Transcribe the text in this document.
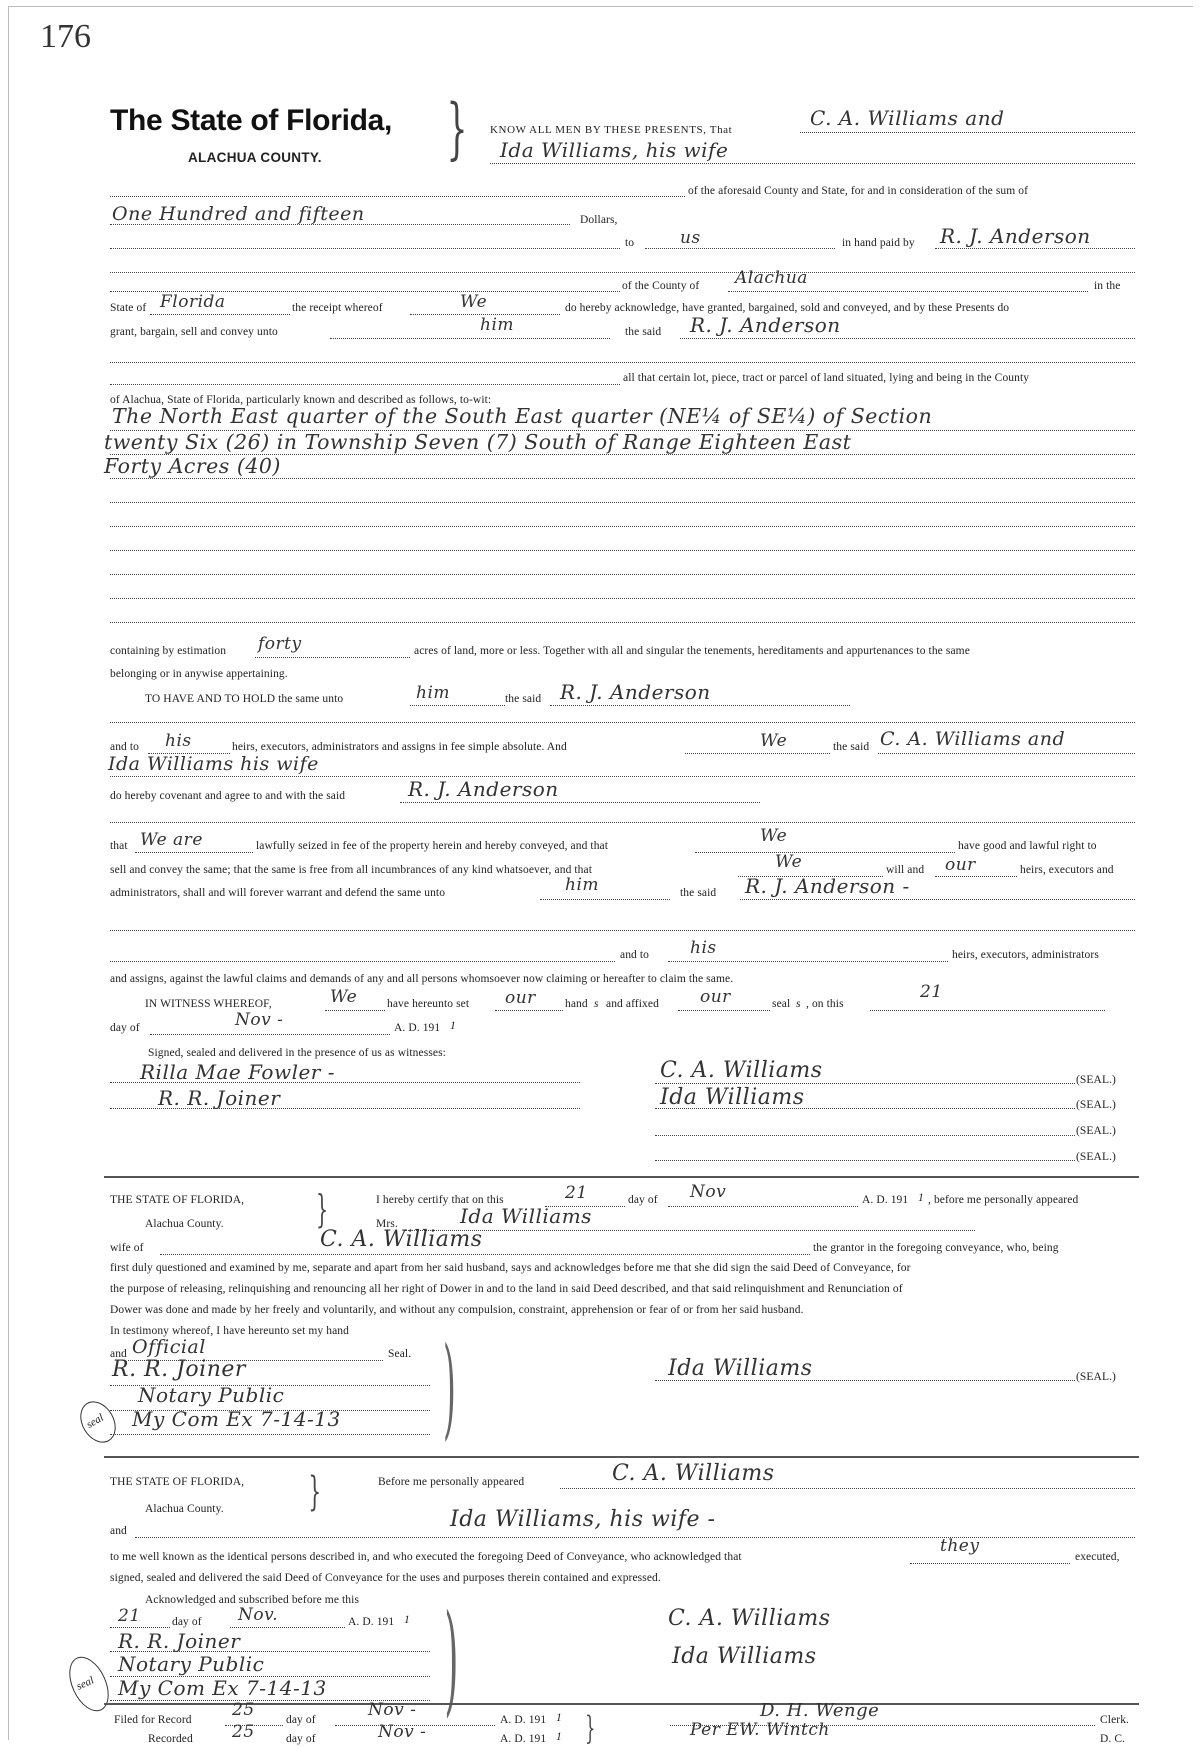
176
The State of Florida,
ALACHUA COUNTY. } KNOW ALL MEN BY THESE PRESENTS, That	C. A. Williams and
Ida Williams, his wife
of the aforesaid County and State, for and in consideration of the sum of
One Hundred and fifteen	Dollars,
to	us	in hand paid by R. J. Anderson
of the County of Alachua	in the
State of Florida	the receipt whereof	We	do hereby acknowledge, have granted, bargained, sold and conveyed, and by these Presents do
grant, bargain, sell and convey unto	him	the said R. J. Anderson
all that certain lot, piece, tract or parcel of land situated, lying and being in the County
of Alachua, State of Florida, particularly known and described as follows, to-wit:
The North East quarter of the South East quarter (NE¼ of SE¼) of Section
twenty Six (26) in Township Seven (7) South of Range Eighteen East
Forty Acres (40)
containing by estimation forty	acres of land, more or less. Together with all and singular the tenements, hereditaments and appurtenances to the same
belonging or in anywise appertaining.
TO HAVE AND TO HOLD the same unto	him	the said R. J. Anderson
and to his	heirs, executors, administrators and assigns in fee simple absolute. And	We	the said C. A. Williams and
Ida Williams his wife
do hereby covenant and agree to and with the said	R. J. Anderson
that We are	lawfully seized in fee of the property herein and hereby conveyed, and that	We	have good and lawful right to
sell and convey the same; that the same is free from all incumbrances of any kind whatsoever, and that	We	will and our	heirs, executors and
administrators, shall and will forever warrant and defend the same unto	him	the said R. J. Anderson -
and to his	heirs, executors, administrators
and assigns, against the lawful claims and demands of any and all persons whomsoever now claiming or hereafter to claim the same.
IN WITNESS WHEREOF,	We	have hereunto set our	hand s and affixed our	seal s , on this
21
day of	Nov -	A. D. 191 1
Signed, sealed and delivered in the presence of us as witnesses:
Rilla Mae Fowler -
R. R. Joiner
C. A. Williams	(SEAL.)
Ida Williams	(SEAL.)
(SEAL.)
(SEAL.)
THE STATE OF FLORIDA,
Alachua County. }	I hereby certify that on this	21	day of Nov	A. D. 191 1 , before me personally appeared
Mrs.	Ida Williams
wife of	C. A. Williams	the grantor in the foregoing conveyance, who, being
first duly questioned and examined by me, separate and apart from her said husband, says and acknowledges before me that she did sign the said Deed of Conveyance, for
the purpose of releasing, relinquishing and renouncing all her right of Dower in and to the land in said Deed described, and that said relinquishment and Renunciation of
Dower was done and made by her freely and voluntarily, and without any compulsion, constraint, apprehension or fear of or from her said husband.
In testimony whereof, I have hereunto set my hand
and Official	Seal.
R. R. Joiner
Notary Public
My Com Ex 7-14-13
seal	)	Ida Williams	(SEAL.)
THE STATE OF FLORIDA,
Alachua County. }	Before me personally appeared	C. A. Williams
and	Ida Williams, his wife -
to me well known as the identical persons described in, and who executed the foregoing Deed of Conveyance, who acknowledged that
they
executed,
signed, sealed and delivered the said Deed of Conveyance for the uses and purposes therein contained and expressed.
Acknowledged and subscribed before me this
21	day of Nov.	A. D. 191 1
R. R. Joiner
Notary Public
My Com Ex 7-14-13
seal	)	C. A. Williams
Ida Williams
Filed for Record 25	day of	Nov -	A. D. 191 1 }	D. H. Wenge	Clerk.
Recorded 25	day of	Nov -	A. D. 191 1	Per EW. Wintch	D. C.
